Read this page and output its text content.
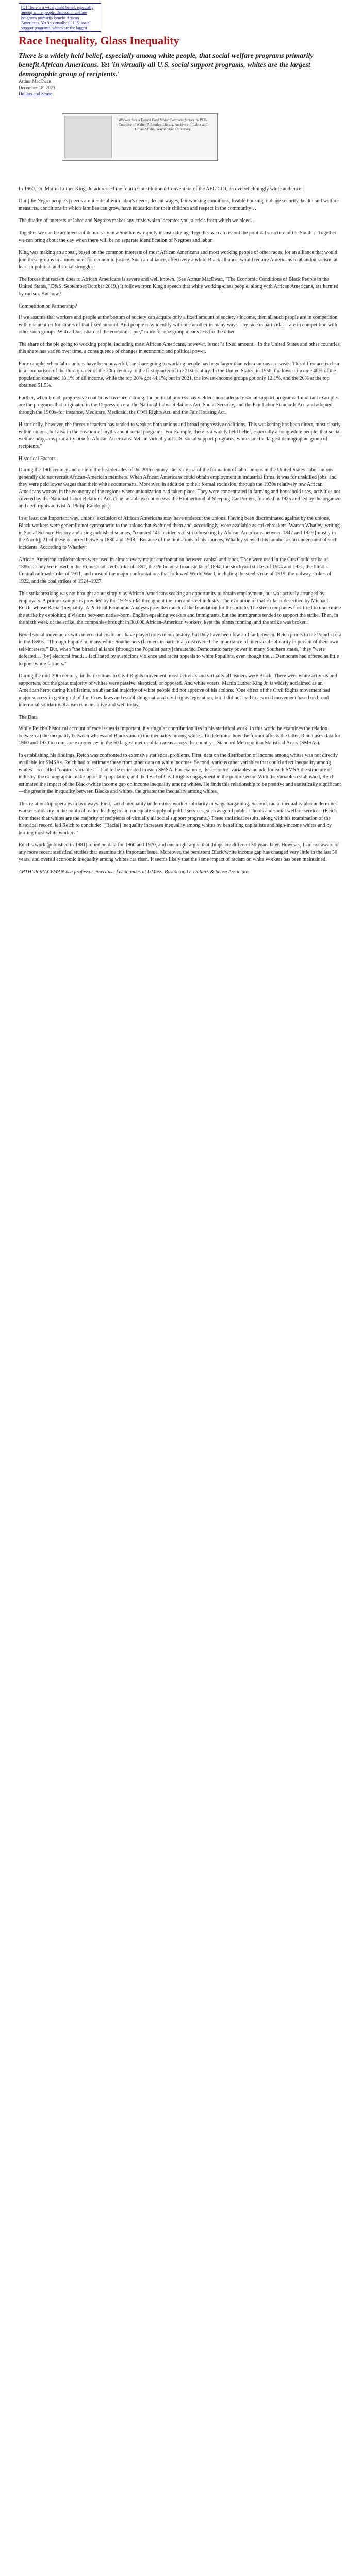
[Q] There is a widely held belief, especially among white people, that social welfare programs primarily benefit African Americans. Yet 'in virtually all U.S. social support programs, whites are the largest
Race Inequality, Glass Inequality
There is a widely held belief, especially among white people, that social welfare programs primarily benefit African Americans. Yet 'in virtually all U.S. social support programs, whites are the largest demographic group of recipients.'
Arthur MacEwan
December 18, 2023
Dollars and Sense
Workers face a Detroit Ford Motor Company factory in 1936. Courtesy of Walter P. Reuther Library, Archives of Labor and Urban Affairs, Wayne State University.

In 1960, Dr. Martin Luther King, Jr. addressed the fourth Constitutional Convention of the AFL-CIO, an overwhelmingly white audience:

Our [the Negro people's] needs are identical with labor's needs, decent wages, fair working conditions, livable housing, old age security, health and welfare measures, conditions in which families can grow, have education for their children and respect in the community…

The duality of interests of labor and Negroes makes any crisis which lacerates you, a crisis from which we bleed…

Together we can be architects of democracy in a South now rapidly industrializing. Together we can re-tool the political structure of the South… Together we can bring about the day when there will be no separate identification of Negroes and labor.

King was making an appeal, based on the common interests of most African Americans and most working people of other races, for an alliance that would join these groups in a movement for economic justice. Such an alliance, effectively a white-Black alliance, would require Americans to abandon racism, at least in political and social struggles.

The forces that racism does to African Americans is severe and well known. (See Arthur MacEwan, "The Economic Conditions of Black People in the United States," D&S, September/October 2019.) It follows from King's speech that white working-class people, along with African Americans, are harmed by racism. But how?

Competition or Partnership?

If we assume that workers and people at the bottom of society can acquire only a fixed amount of society's income, then all such people are in competition with one another for shares of that fixed amount. And people may identify with one another in many ways – by race in particular – are in competition with other such groups. With a fixed share of the economic "pie," more for one group means less for the other.

The share of the pie going to working people, including most African Americans, however, is not "a fixed amount." In the United States and other countries, this share has varied over time, a consequence of changes in economic and political power.

For example, when labor unions have been powerful, the share going to working people has been larger than when unions are weak. This difference is clear in a comparison of the third quarter of the 20th century to the first quarter of the 21st century. In the United States, in 1956, the lowest-income 40% of the population obtained 18.1% of all income, while the top 20% got 44.1%; but in 2021, the lowest-income groups got only 12.1%, and the 20% at the top obtained 51.5%.

Further, when broad, progressive coalitions have been strong, the political process has yielded more adequate social support programs. Important examples are the programs that originated in the Depression era–the National Labor Relations Act, Social Security, and the Fair Labor Standards Act–and adopted through the 1960s–for instance, Medicare, Medicaid, the Civil Rights Act, and the Fair Housing Act.

Historically, however, the forces of racism has tended to weaken both unions and broad progressive coalitions. This weakening has been direct, most clearly within unions, but also in the creation of myths about social programs. For example, there is a widely held belief, especially among white people, that social welfare programs primarily benefit African Americans. Yet "in virtually all U.S. social support programs, whites are the largest demographic group of recipients."

Historical Factors

During the 19th century and on into the first decades of the 20th century–the early era of the formation of labor unions in the United States–labor unions generally did not recruit African-American members. When African Americans could obtain employment in industrial firms, it was for unskilled jobs, and they were paid lower wages than their white counterparts. Moreover, in addition to their formal exclusion, through the 1930s relatively few African Americans worked in the economy of the regions where unionization had taken place. They were concentrated in farming and household uses, activities not covered by the National Labor Relations Act. (The notable exception was the Brotherhood of Sleeping Car Porters, founded in 1925 and led by the organizer and civil rights activist A. Philip Randolph.)

In at least one important way, unions' exclusion of African Americans may have undercut the unions. Having been discriminated against by the unions, Black workers were generally not sympathetic to the unions that excluded them and, accordingly, were available as strikebreakers. Warren Whatley, writing in Social Science History and using published sources, "counted 141 incidents of strikebreaking by African Americans between 1847 and 1929 [mostly in the North]; 21 of these occurred between 1880 and 1919." Because of the limitations of his sources, Whatley viewed this number as an undercount of such incidents. According to Whatley:

African-American strikebreakers were used in almost every major confrontation between capital and labor. They were used in the Gus Gould strike of 1886… They were used in the Homestead steel strike of 1892, the Pullman railroad strike of 1894, the stockyard strikes of 1904 and 1921, the Illinois Central railroad strike of 1911, and most of the major confrontations that followed World War I, including the steel strike of 1919, the railway strikes of 1922, and the coal strikes of 1924–1927.

This strikebreaking was not brought about simply by African Americans seeking an opportunity to obtain employment, but was actively arranged by employers. A prime example is provided by the 1919 strike throughout the iron and steel industry. The evolution of that strike is described by Michael Reich, whose Racial Inequality: A Political Economic Analysis provides much of the foundation for this article. The steel companies first tried to undermine the strike by exploiting divisions between native-born, English-speaking workers and immigrants, but the immigrants tended to support the strike. Then, in the sixth week of the strike, the companies brought in 30,000 African-American workers, kept the plants running, and the strike was broken.

Broad social movements with interracial coalitions have played roles in our history, but they have been few and far between. Reich points to the Populist era in the 1890s: "Through Populism, many white Southerners (farmers in particular) discovered the importance of interracial solidarity in pursuit of their own self-interests." But, when "the biracial alliance [through the Populist party] threatened Democratic party power in many Southern states," they "were defeated… [by] electoral fraud… facilitated by suspicions violence and racist appeals to white Populists, even though the… Democrats had offered as little to poor white farmers."

During the mid-20th century, in the reactions to Civil Rights movement, most activists and virtually all leaders were Black. There were white activists and supporters, but the great majority of whites were passive, skeptical, or opposed. And white voters, Martin Luther King Jr. is widely acclaimed as an American hero, during his lifetime, a substantial majority of white people did not approve of his actions. (One effect of the Civil Rights movement had major success in getting rid of Jim Crow laws and establishing national civil rights legislation, but it did not lead to a social movement based on broad interracial solidarity. Racism remains alive and well today.

The Data

While Reich's historical account of race issues is important, his singular contribution lies in his statistical work. In this work, he examines the relation between a) the inequality between whites and Blacks and c) the inequality among whites. To determine how the former affects the latter, Reich uses data for 1960 and 1970 to compare experiences in the 50 largest metropolitan areas across the country—Standard Metropolitan Statistical Areas (SMSAs).

In establishing his findings, Reich was confronted to extensive statistical problems. First, data on the distribution of income among whites was not directly available for SMSAs. Reich had to estimate these from other data on white incomes. Second, various other variables that could affect inequality among whites—so-called "control variables"—had to be estimated in each SMSA. For example, these control variables include for each SMSA the structure of industry, the demographic make-up of the population, and the level of Civil Rights engagement in the public sector. With the variables established, Reich estimated the impact of the Black/white income gap on income inequality among whites. He finds this relationship to be positive and statistically significant—the greater the inequality between Blacks and whites, the greater the inequality among whites.

This relationship operates in two ways. First, racial inequality undermines worker solidarity in wage bargaining. Second, racial inequality also undermines worker solidarity in the political realm, leading to an inadequate supply of public services, such as good public schools and social welfare services. (Reich from these that whites are the majority of recipients of virtually all social support programs.) These statistical results, along with his examination of the historical record, led Reich to conclude: "[Racial] inequality increases inequality among whites by benefiting capitalists and high-income whites and by hurting most white workers."

Reich's work (published in 1981) relied on data for 1960 and 1970, and one might argue that things are different 50 years later. However, I am not aware of any more recent statistical studies that examine this important issue. Moreover, the persistent Black/white income gap has changed very little in the last 50 years, and overall economic inequality among whites has risen. It seems likely that the same impact of racism on white workers has been maintained.

ARTHUR MACEWAN is a professor emeritus of economics at UMass–Boston and a Dollars & Sense Associate.
